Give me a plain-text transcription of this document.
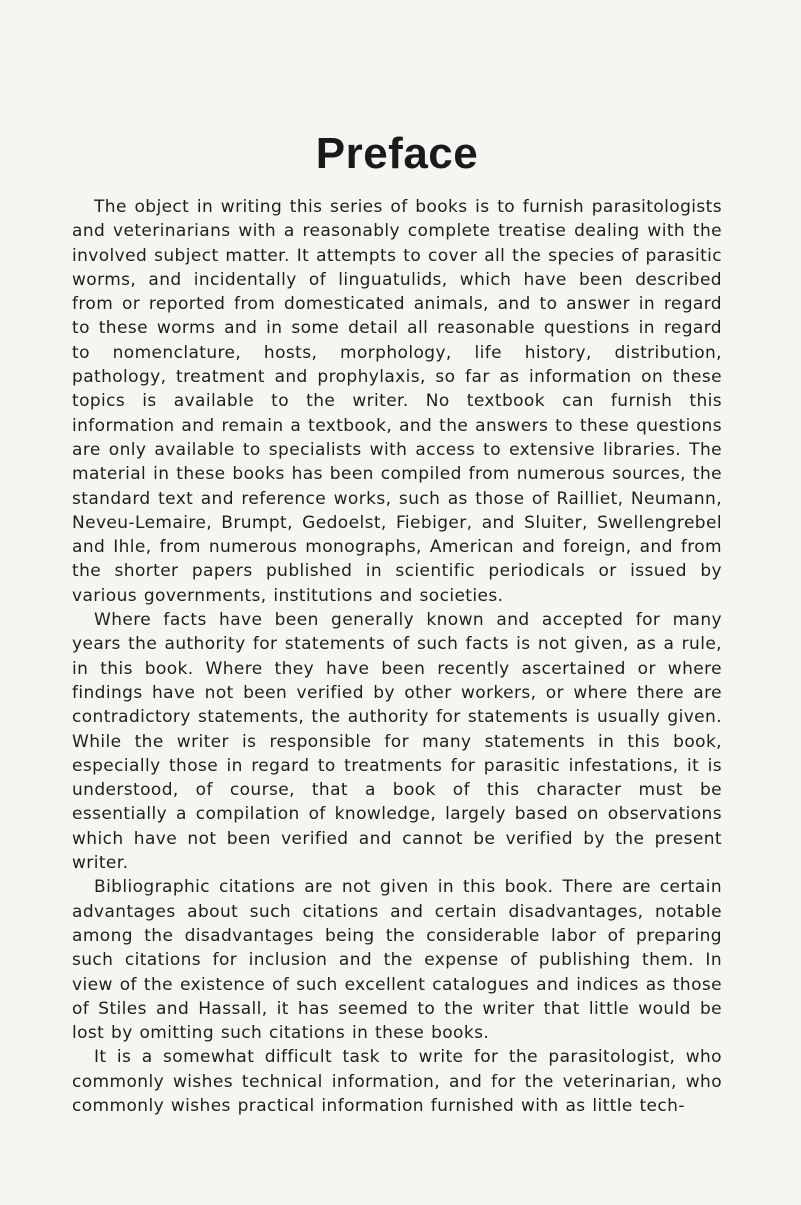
Preface

The object in writing this series of books is to furnish parasitologists and veterinarians with a reasonably complete treatise dealing with the involved subject matter. It attempts to cover all the species of parasitic worms, and incidentally of linguatulids, which have been described from or reported from domesticated animals, and to answer in regard to these worms and in some detail all reasonable questions in regard to nomenclature, hosts, morphology, life history, distribution, pathology, treatment and prophylaxis, so far as information on these topics is available to the writer. No textbook can furnish this information and remain a textbook, and the answers to these questions are only available to specialists with access to extensive libraries. The material in these books has been compiled from numerous sources, the standard text and reference works, such as those of Railliet, Neumann, Neveu-Lemaire, Brumpt, Gedoelst, Fiebiger, and Sluiter, Swellengrebel and Ihle, from numerous monographs, American and foreign, and from the shorter papers published in scientific periodicals or issued by various governments, institutions and societies.

Where facts have been generally known and accepted for many years the authority for statements of such facts is not given, as a rule, in this book. Where they have been recently ascertained or where findings have not been verified by other workers, or where there are contradictory statements, the authority for statements is usually given. While the writer is responsible for many statements in this book, especially those in regard to treatments for parasitic infestations, it is understood, of course, that a book of this character must be essentially a compilation of knowledge, largely based on observations which have not been verified and cannot be verified by the present writer.

Bibliographic citations are not given in this book. There are certain advantages about such citations and certain disadvantages, notable among the disadvantages being the considerable labor of preparing such citations for inclusion and the expense of publishing them. In view of the existence of such excellent catalogues and indices as those of Stiles and Hassall, it has seemed to the writer that little would be lost by omitting such citations in these books.

It is a somewhat difficult task to write for the parasitologist, who commonly wishes technical information, and for the veterinarian, who commonly wishes practical information furnished with as little tech-
